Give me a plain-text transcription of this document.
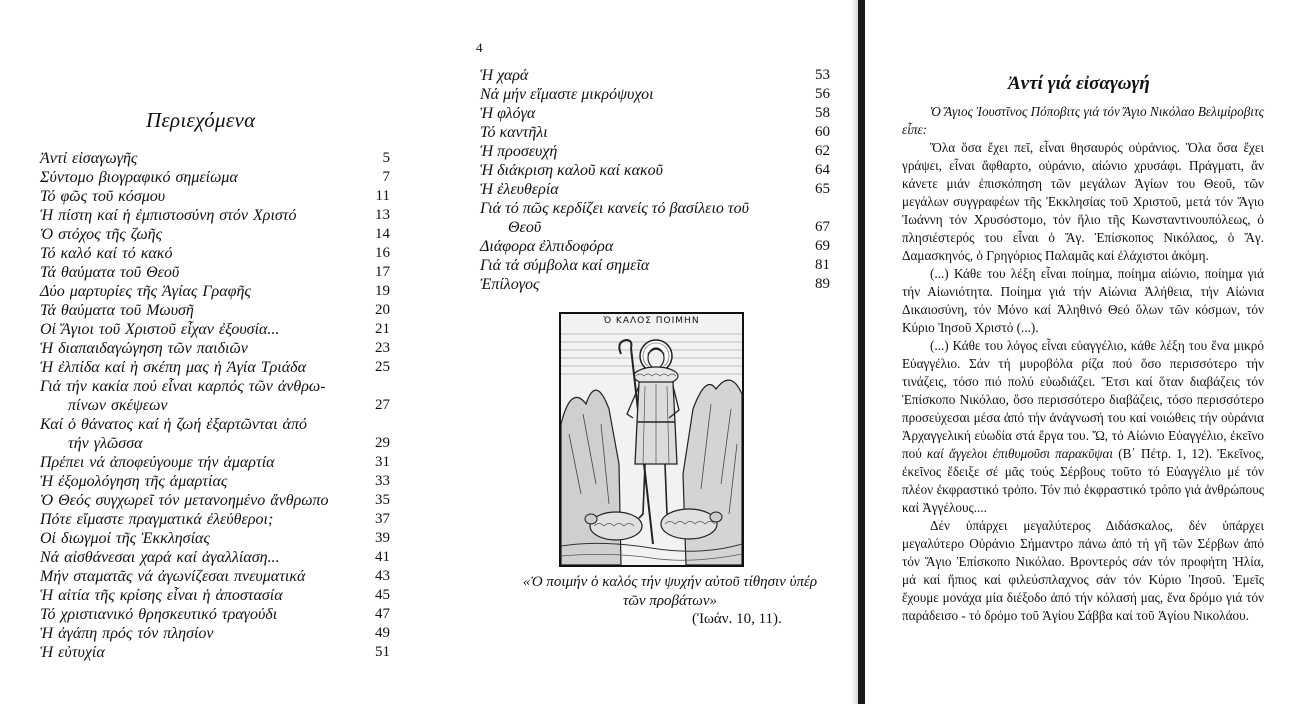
4
Περιεχόμενα
Ἀντί εἰσαγωγῆς	5
Σύντομο βιογραφικό σημείωμα	7
Τό φῶς τοῦ κόσμου	11
Ἡ πίστη καί ἡ ἐμπιστοσύνη στόν Χριστό	13
Ὁ στόχος τῆς ζωῆς	14
Τό καλό καί τό κακό	16
Τά θαύματα τοῦ Θεοῦ	17
Δύο μαρτυρίες τῆς Ἁγίας Γραφῆς	19
Τά θαύματα τοῦ Μωυσῆ	20
Οἱ Ἅγιοι τοῦ Χριστοῦ εἶχαν ἐξουσία...	21
Ἡ διαπαιδαγώγηση τῶν παιδιῶν	23
Ἡ ἐλπίδα καί ἡ σκέπη μας ἡ Ἁγία Τριάδα	25
Γιά τήν κακία πού εἶναι καρπός τῶν ἀνθρω-
πίνων σκέψεων	27
Καί ὁ θάνατος καί ἡ ζωή ἐξαρτῶνται ἀπό
τήν γλῶσσα	29
Πρέπει νά ἀποφεύγουμε τήν ἁμαρτία	31
Ἡ ἐξομολόγηση τῆς ἁμαρτίας	33
Ὁ Θεός συγχωρεῖ τόν μετανοημένο ἄνθρωπο	35
Πότε εἴμαστε πραγματικά ἐλεύθεροι;	37
Οἱ διωγμοί τῆς Ἐκκλησίας	39
Νά αἰσθάνεσαι χαρά καί ἀγαλλίαση...	41
Μήν σταματᾶς νά ἀγωνίζεσαι πνευματικά	43
Ἡ αἰτία τῆς κρίσης εἶναι ἡ ἀποστασία	45
Τό χριστιανικό θρησκευτικό τραγούδι	47
Ἡ ἀγάπη πρός τόν πλησίον	49
Ἡ εὐτυχία	51
Ἡ χαρά	53
Νά μήν εἴμαστε μικρόψυχοι	56
Ἡ φλόγα	58
Τό καντῆλι	60
Ἡ προσευχή	62
Ἡ διάκριση καλοῦ καί κακοῦ	64
Ἡ ἐλευθερία	65
Γιά τό πῶς κερδίζει κανείς τό βασίλειο τοῦ
Θεοῦ	67
Διάφορα ἐλπιδοφόρα	69
Γιά τά σύμβολα καί σημεῖα	81
Ἐπίλογος	89
Ὁ ΚΑΛΟΣ ΠΟΙΜΗΝ
«Ὁ ποιμήν ὁ καλός τήν ψυχήν αὐτοῦ τίθησιν ὑπέρ τῶν προβάτων»
(Ἰωάν. 10, 11).
Ἀντί γιά εἰσαγωγή

Ὁ Ἅγιος Ἰουστῖνος Πόποβιτς γιά τόν Ἅγιο Νικόλαο Βελιμίροβιτς εἶπε:

Ὅλα ὅσα ἔχει πεῖ, εἶναι θησαυρός οὐράνιος. Ὅλα ὅσα ἔχει γράψει, εἶναι ἄφθαρτο, οὐράνιο, αἰώνιο χρυσάφι. Πράγματι, ἄν κάνετε μιάν ἐπισκόπηση τῶν μεγάλων Ἁγίων του Θεοῦ, τῶν μεγάλων συγγραφέων τῆς Ἐκκλησίας τοῦ Χριστοῦ, μετά τόν Ἅγιο Ἰωάννη τόν Χρυσόστομο, τόν ἥλιο τῆς Κωνσταντινουπόλεως, ὁ πλησιέστερός του εἶναι ὁ Ἅγ. Ἐπίσκοπος Νικόλαος, ὁ Ἅγ. Δαμασκηνός, ὁ Γρηγόριος Παλαμᾶς καί ἐλάχιστοι ἀκόμη.

(...) Κάθε του λέξη εἶναι ποίημα, ποίημα αἰώνιο, ποίημα γιά τήν Αἰωνιότητα. Ποίημα γιά τήν Αἰώνια Ἀλήθεια, τήν Αἰώνια Δικαιοσύνη, τόν Μόνο καί Ἀληθινό Θεό ὅλων τῶν κόσμων, τόν Κύριο Ἰησοῦ Χριστό (...).

(...) Κάθε του λόγος εἶναι εὐαγγέλιο, κάθε λέξη του ἕνα μικρό Εὐαγγέλιο. Σάν τή μυροβόλα ρίζα πού ὅσο περισσότερο τήν τινάζεις, τόσο πιό πολύ εὐωδιάζει. Ἔτσι καί ὅταν διαβάζεις τόν Ἐπίσκοπο Νικόλαο, ὅσο περισσότερο διαβάζεις, τόσο περισσότερο προσεύχεσαι μέσα ἀπό τήν ἀνάγνωσή του καί νοιώθεις τήν οὐράνια Ἀρχαγγελική εὐωδία στά ἔργα του. Ὤ, τό Αἰώνιο Εὐαγγέλιο, ἐκεῖνο πού καί ἄγγελοι ἐπιθυμοῦσι παρακῦψαι (Β΄ Πέτρ. 1, 12). Ἐκεῖνος, ἐκεῖνος ἔδειξε σέ μᾶς τούς Σέρβους τοῦτο τό Εὐαγγέλιο μέ τόν πλέον ἐκφραστικό τρόπο. Τόν πιό ἐκφραστικό τρόπο γιά ἀνθρώπους καί Ἀγγέλους....

Δέν ὑπάρχει μεγαλύτερος Διδάσκαλος, δέν ὑπάρχει μεγαλύτερο Οὐράνιο Σήμαντρο πάνω ἀπό τή γῆ τῶν Σέρβων ἀπό τόν Ἅγιο Ἐπίσκοπο Νικόλαο. Βροντερός σάν τόν προφήτη Ἠλία, μά καί ἤπιος καί φιλεύσπλαχνος σάν τόν Κύριο Ἰησοῦ. Ἐμεῖς ἔχουμε μονάχα μία διέξοδο ἀπό τήν κόλασή μας, ἕνα δρόμο γιά τόν παράδεισο - τό δρόμο τοῦ Ἁγίου Σάββα καί τοῦ Ἁγίου Νικολάου.
